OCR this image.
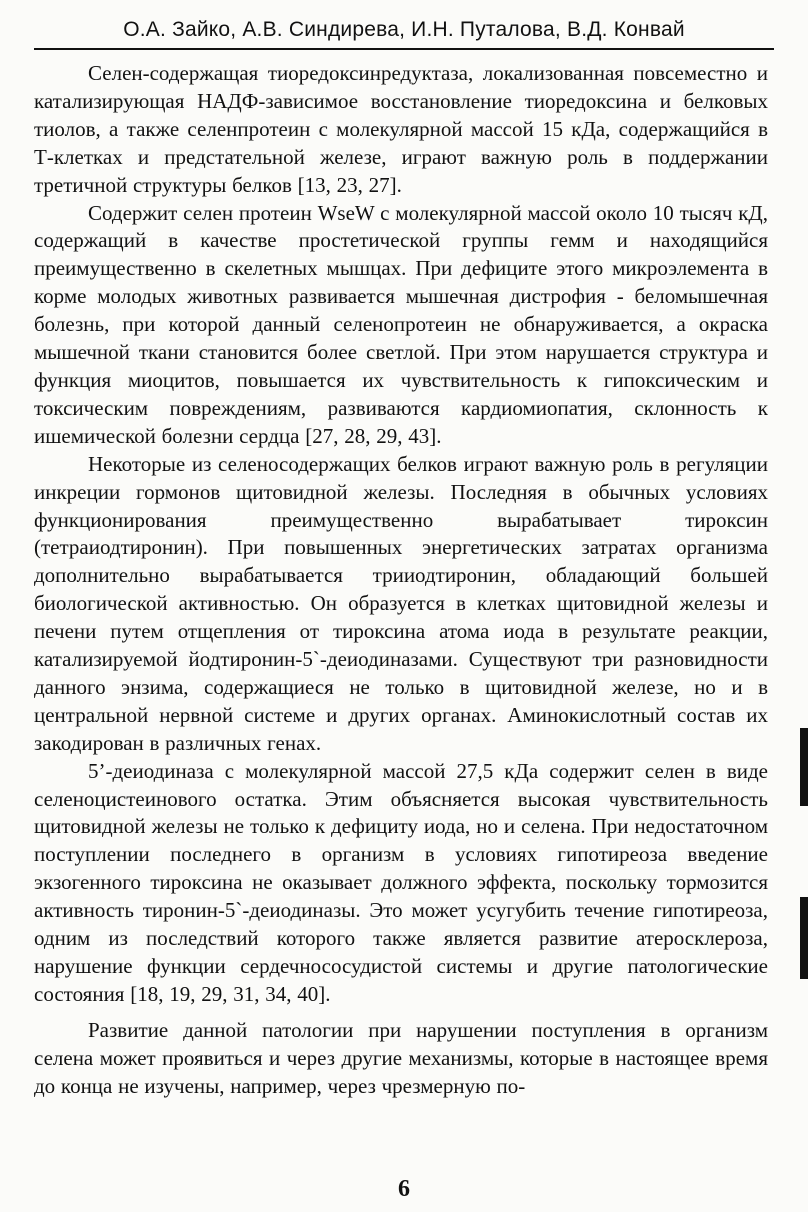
О.А. Зайко, А.В. Синдирева, И.Н. Путалова, В.Д. Конвай

Селен-содержащая тиоредоксинредуктаза, локализованная повсеместно и катализирующая НАДФ-зависимое восстановление тиоредоксина и белковых тиолов, а также селенпротеин с молекулярной массой 15 кДа, содержащийся в Т-клетках и предстательной железе, играют важную роль в поддержании третичной структуры белков [13, 23, 27].

Содержит селен протеин WseW с молекулярной массой около 10 тысяч кД, содержащий в качестве простетической группы гемм и находящийся преимущественно в скелетных мышцах. При дефиците этого микроэлемента в корме молодых животных развивается мышечная дистрофия - беломышечная болезнь, при которой данный селенопротеин не обнаруживается, а окраска мышечной ткани становится более светлой. При этом нарушается структура и функция миоцитов, повышается их чувствительность к гипоксическим и токсическим повреждениям, развиваются кардиомиопатия, склонность к ишемической болезни сердца [27, 28, 29, 43].

Некоторые из селеносодержащих белков играют важную роль в регуляции инкреции гормонов щитовидной железы. Последняя в обычных условиях функционирования преимущественно вырабатывает тироксин (тетраиодтиронин). При повышенных энергетических затратах организма дополнительно вырабатывается трииодтиронин, обладающий большей биологической активностью. Он образуется в клетках щитовидной железы и печени путем отщепления от тироксина атома иода в результате реакции, катализируемой йодтиронин-5`-деиодиназами. Существуют три разновидности данного энзима, содержащиеся не только в щитовидной железе, но и в центральной нервной системе и других органах. Аминокислотный состав их закодирован в различных генах.

5’-деиодиназа с молекулярной массой 27,5 кДа содержит селен в виде селеноцистеинового остатка. Этим объясняется высокая чувствительность щитовидной железы не только к дефициту иода, но и селена. При недостаточном поступлении последнего в организм в условиях гипотиреоза введение экзогенного тироксина не оказывает должного эффекта, поскольку тормозится активность тиронин-5`-деиодиназы. Это может усугубить течение гипотиреоза, одним из последствий которого также является развитие атеросклероза, нарушение функции сердечнососудистой системы и другие патологические состояния [18, 19, 29, 31, 34, 40].

Развитие данной патологии при нарушении поступления в организм селена может проявиться и через другие механизмы, которые в настоящее время до конца не изучены, например, через чрезмерную по-

6
